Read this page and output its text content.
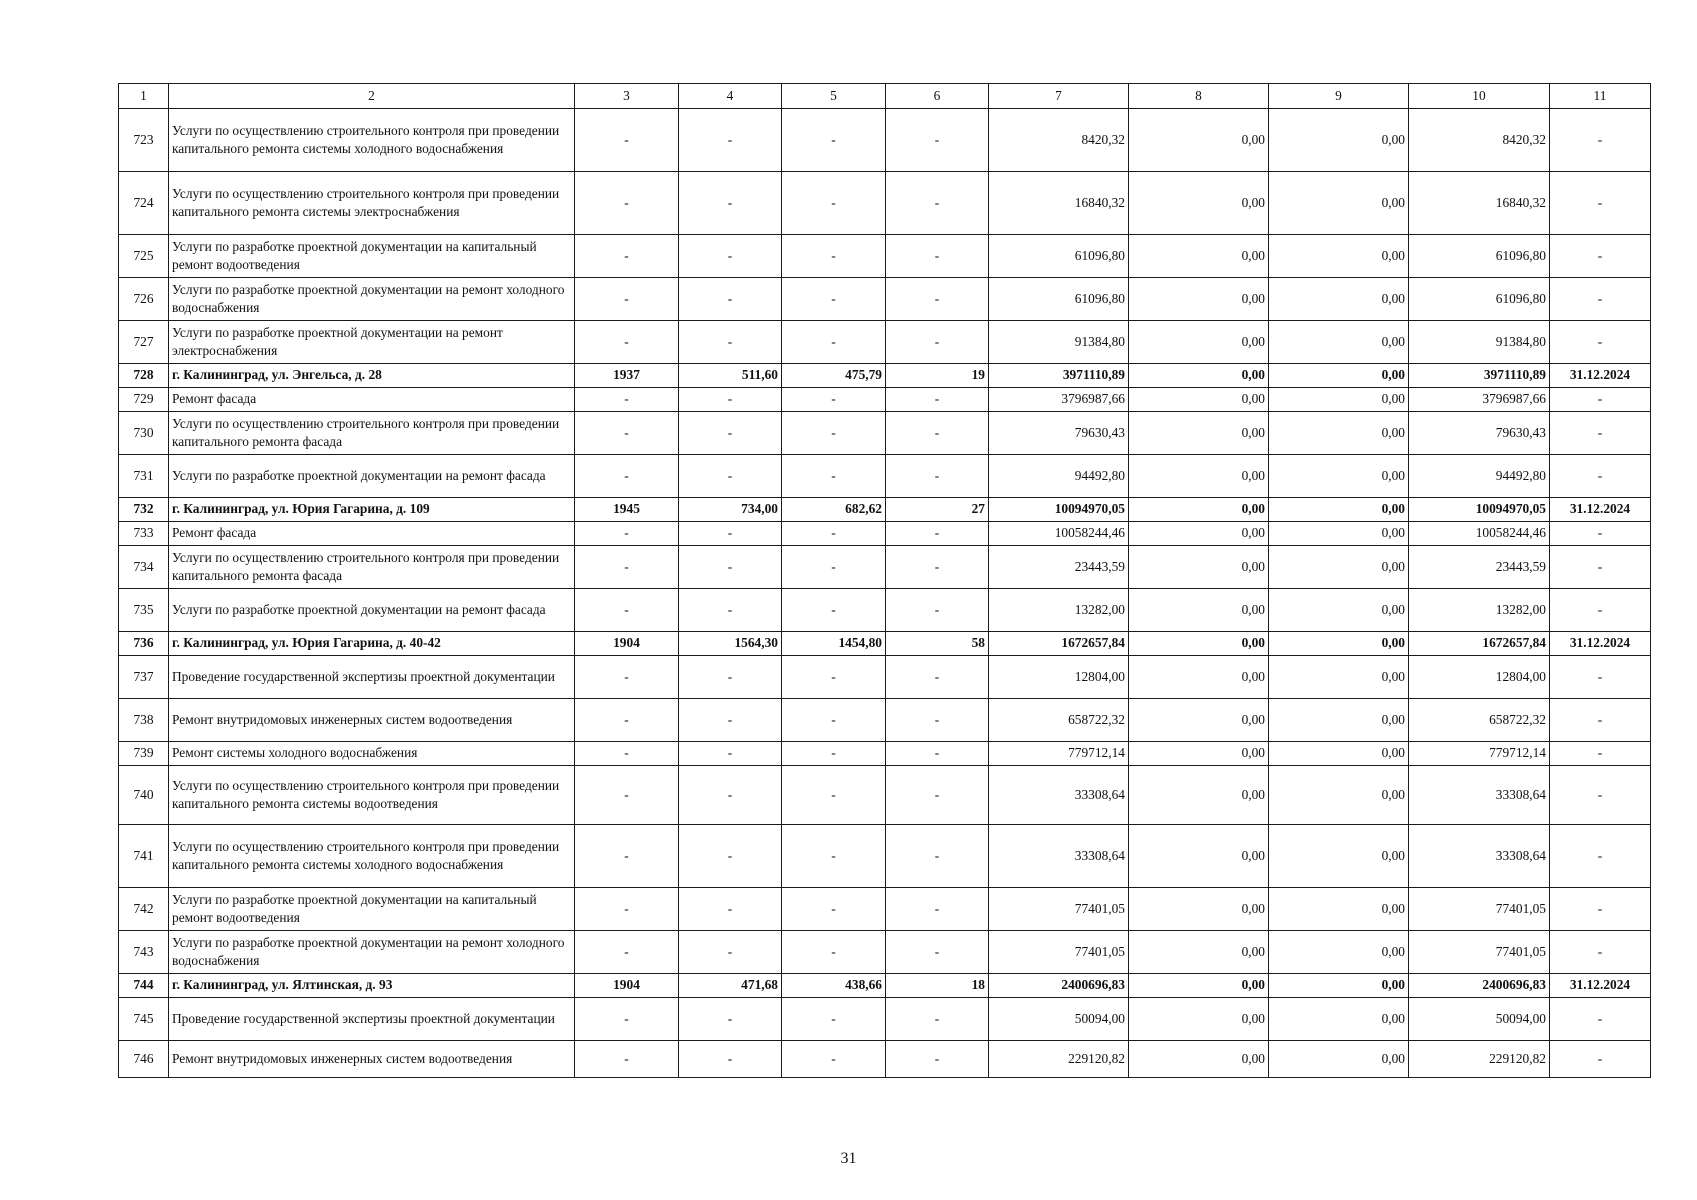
1	2	3	4	5	6	7	8	9	10	11
723	Услуги по осуществлению строительного контроля при проведении капитального ремонта системы холодного водоснабжения	-	-	-	-	8420,32	0,00	0,00	8420,32	-
724	Услуги по осуществлению строительного контроля при проведении капитального ремонта системы электроснабжения	-	-	-	-	16840,32	0,00	0,00	16840,32	-
725	Услуги по разработке проектной документации на капитальный ремонт водоотведения	-	-	-	-	61096,80	0,00	0,00	61096,80	-
726	Услуги по разработке проектной документации на ремонт холодного водоснабжения	-	-	-	-	61096,80	0,00	0,00	61096,80	-
727	Услуги по разработке проектной документации на ремонт электроснабжения	-	-	-	-	91384,80	0,00	0,00	91384,80	-
728	г. Калининград, ул. Энгельса, д. 28	1937	511,60	475,79	19	3971110,89	0,00	0,00	3971110,89	31.12.2024
729	Ремонт фасада	-	-	-	-	3796987,66	0,00	0,00	3796987,66	-
730	Услуги по осуществлению строительного контроля при проведении капитального ремонта фасада	-	-	-	-	79630,43	0,00	0,00	79630,43	-
731	Услуги по разработке проектной документации на ремонт фасада	-	-	-	-	94492,80	0,00	0,00	94492,80	-
732	г. Калининград, ул. Юрия Гагарина, д. 109	1945	734,00	682,62	27	10094970,05	0,00	0,00	10094970,05	31.12.2024
733	Ремонт фасада	-	-	-	-	10058244,46	0,00	0,00	10058244,46	-
734	Услуги по осуществлению строительного контроля при проведении капитального ремонта фасада	-	-	-	-	23443,59	0,00	0,00	23443,59	-
735	Услуги по разработке проектной документации на ремонт фасада	-	-	-	-	13282,00	0,00	0,00	13282,00	-
736	г. Калининград, ул. Юрия Гагарина, д. 40-42	1904	1564,30	1454,80	58	1672657,84	0,00	0,00	1672657,84	31.12.2024
737	Проведение государственной экспертизы проектной документации	-	-	-	-	12804,00	0,00	0,00	12804,00	-
738	Ремонт внутридомовых инженерных систем водоотведения	-	-	-	-	658722,32	0,00	0,00	658722,32	-
739	Ремонт системы холодного водоснабжения	-	-	-	-	779712,14	0,00	0,00	779712,14	-
740	Услуги по осуществлению строительного контроля при проведении капитального ремонта системы водоотведения	-	-	-	-	33308,64	0,00	0,00	33308,64	-
741	Услуги по осуществлению строительного контроля при проведении капитального ремонта системы холодного водоснабжения	-	-	-	-	33308,64	0,00	0,00	33308,64	-
742	Услуги по разработке проектной документации на капитальный ремонт водоотведения	-	-	-	-	77401,05	0,00	0,00	77401,05	-
743	Услуги по разработке проектной документации на ремонт холодного водоснабжения	-	-	-	-	77401,05	0,00	0,00	77401,05	-
744	г. Калининград, ул. Ялтинская, д. 93	1904	471,68	438,66	18	2400696,83	0,00	0,00	2400696,83	31.12.2024
745	Проведение государственной экспертизы проектной документации	-	-	-	-	50094,00	0,00	0,00	50094,00	-
746	Ремонт внутридомовых инженерных систем водоотведения	-	-	-	-	229120,82	0,00	0,00	229120,82	-
31
